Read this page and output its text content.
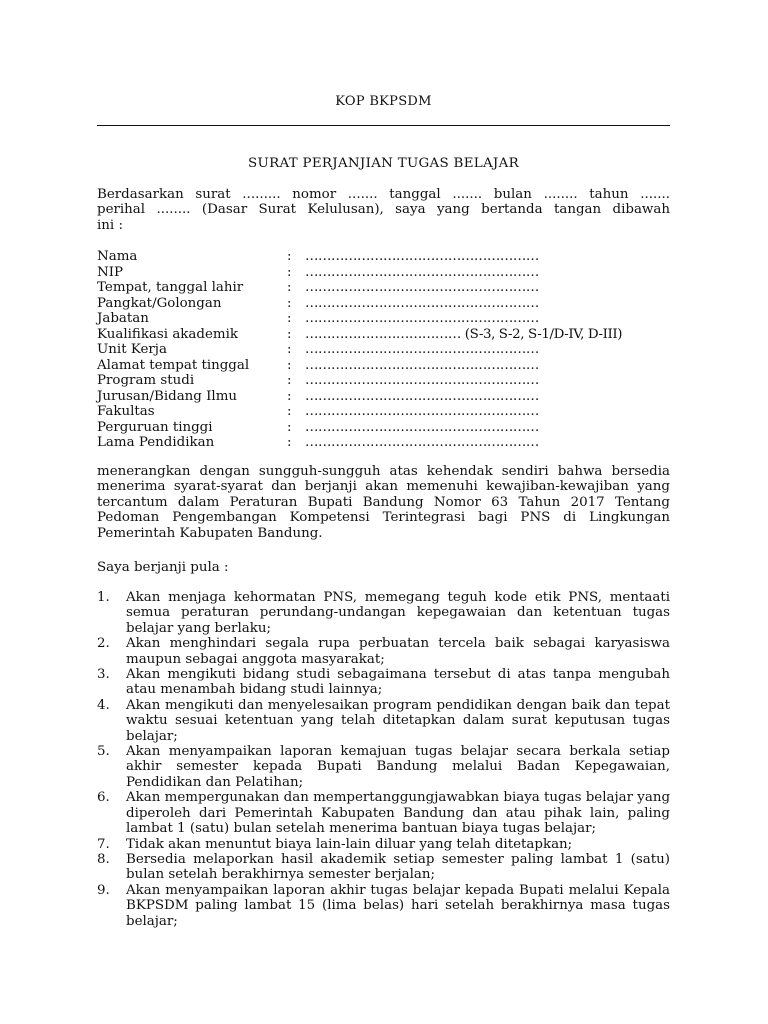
KOP BKPSDM
SURAT PERJANJIAN TUGAS BELAJAR
Berdasarkan surat ......... nomor ....... tanggal ....... bulan ........ tahun .......
perihal ........ (Dasar Surat Kelulusan), saya yang bertanda tangan dibawah
ini :
Nama	:	………………………………………………
NIP	:	………………………………………………
Tempat, tanggal lahir	:	………………………………………………
Pangkat/Golongan	:	………………………………………………
Jabatan	:	………………………………………………
Kualifikasi akademik	:	……………………………… (S-3, S-2, S-1/D-IV, D-III)
Unit Kerja	:	………………………………………………
Alamat tempat tinggal	:	………………………………………………
Program studi	:	………………………………………………
Jurusan/Bidang Ilmu	:	………………………………………………
Fakultas	:	………………………………………………
Perguruan tinggi	:	………………………………………………
Lama Pendidikan	:	………………………………………………
menerangkan dengan sungguh-sungguh atas kehendak sendiri bahwa bersedia menerima syarat-syarat dan berjanji akan memenuhi kewajiban-kewajiban yang tercantum dalam Peraturan Bupati Bandung Nomor 63 Tahun 2017 Tentang Pedoman Pengembangan Kompetensi Terintegrasi bagi PNS di Lingkungan Pemerintah Kabupaten Bandung.
Saya berjanji pula :
1.	Akan menjaga kehormatan PNS, memegang teguh kode etik PNS, mentaati semua peraturan perundang-undangan kepegawaian dan ketentuan tugas belajar yang berlaku;
2.	Akan menghindari segala rupa perbuatan tercela baik sebagai karyasiswa maupun sebagai anggota masyarakat;
3.	Akan mengikuti bidang studi sebagaimana tersebut di atas tanpa mengubah atau menambah bidang studi lainnya;
4.	Akan mengikuti dan menyelesaikan program pendidikan dengan baik dan tepat waktu sesuai ketentuan yang telah ditetapkan dalam surat keputusan tugas belajar;
5.	Akan menyampaikan laporan kemajuan tugas belajar secara berkala setiap akhir semester kepada Bupati Bandung melalui Badan Kepegawaian, Pendidikan dan Pelatihan;
6.	Akan mempergunakan dan mempertanggungjawabkan biaya tugas belajar yang diperoleh dari Pemerintah Kabupaten Bandung dan atau pihak lain, paling lambat 1 (satu) bulan setelah menerima bantuan biaya tugas belajar;
7.	Tidak akan menuntut biaya lain-lain diluar yang telah ditetapkan;
8.	Bersedia melaporkan hasil akademik setiap semester paling lambat 1 (satu) bulan setelah berakhirnya semester berjalan;
9.	Akan menyampaikan laporan akhir tugas belajar kepada Bupati melalui Kepala BKPSDM paling lambat 15 (lima belas) hari setelah berakhirnya masa tugas belajar;
